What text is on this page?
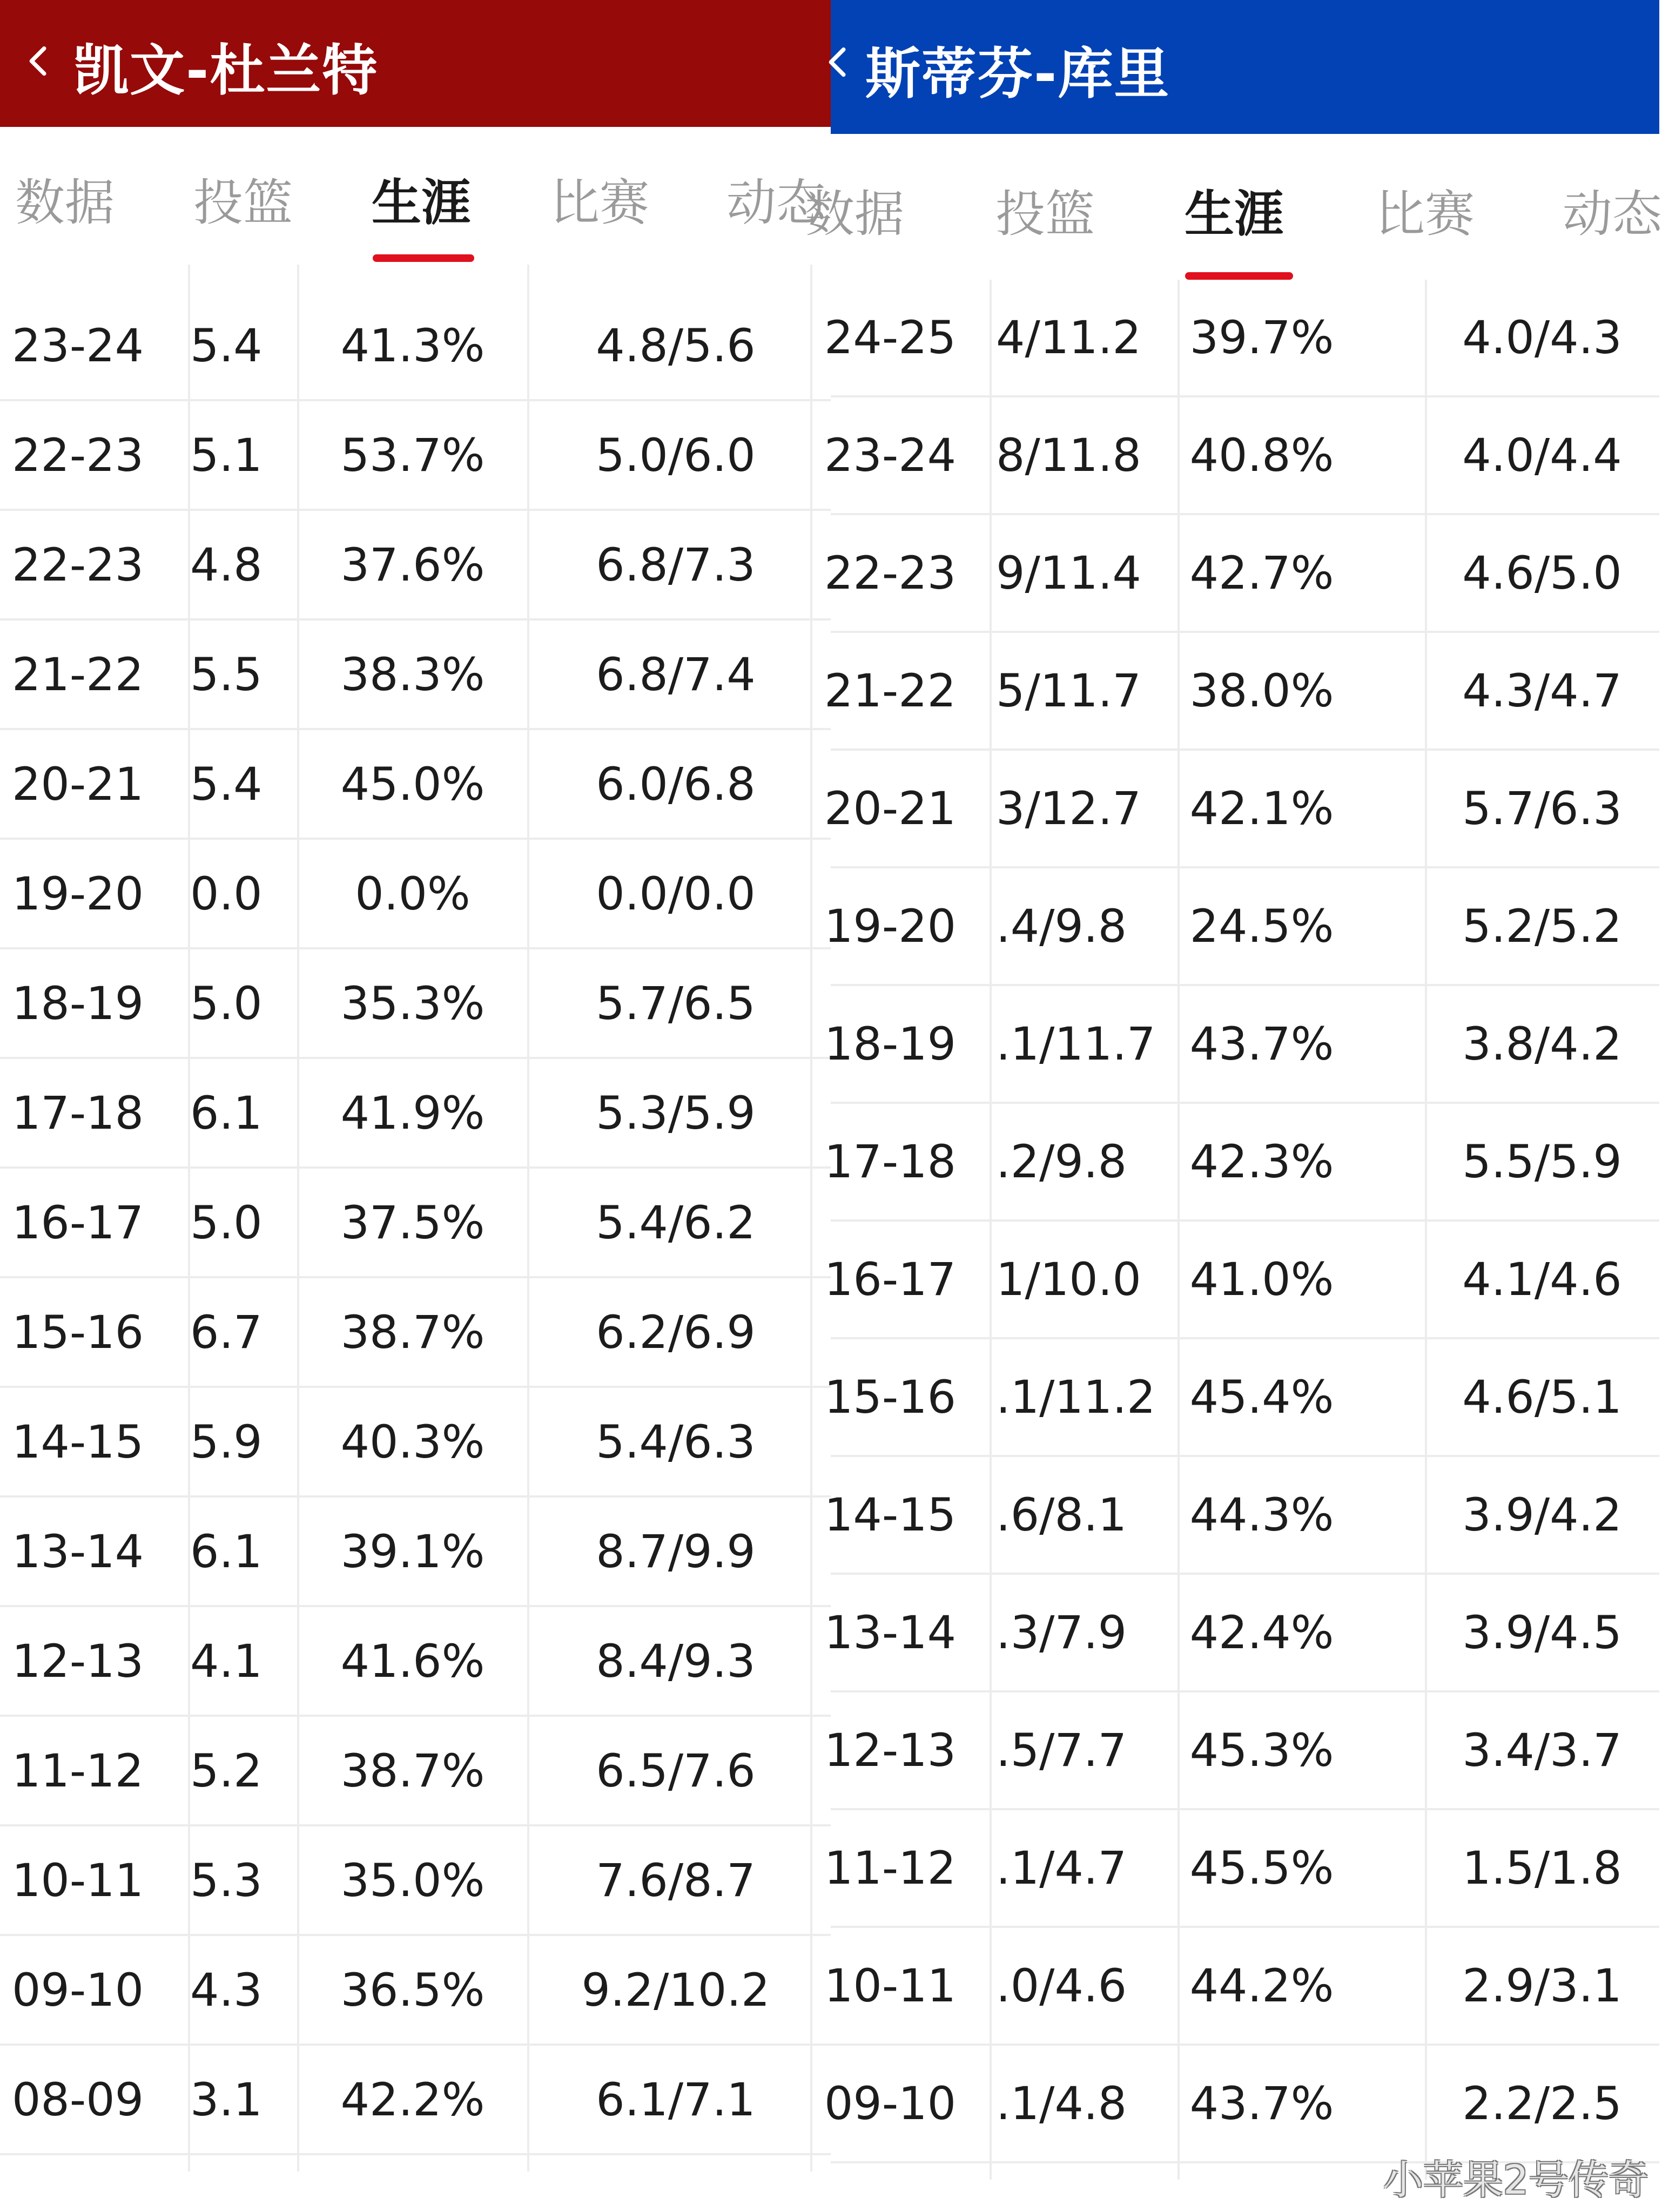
凯文-杜兰特
数据 投篮 生涯 比赛 动态
23-24 5.4	41.3%	4.8/5.6
22-23 5.1	53.7%	5.0/6.0
22-23 4.8	37.6%	6.8/7.3
21-22 5.5	38.3%	6.8/7.4
20-21 5.4	45.0%	6.0/6.8
19-20 0.0	0.0%	0.0/0.0
18-19 5.0	35.3%	5.7/6.5
17-18 6.1	41.9%	5.3/5.9
16-17 5.0	37.5%	5.4/6.2
15-16 6.7	38.7%	6.2/6.9
14-15 5.9	40.3%	5.4/6.3
13-14 6.1	39.1%	8.7/9.9
12-13 4.1	41.6%	8.4/9.3
11-12 5.2	38.7%	6.5/7.6
10-11 5.3	35.0%	7.6/8.7
09-10 4.3	36.5%	9.2/10.2
08-09 3.1	42.2%	6.1/7.1
斯蒂芬-库里
数据 投篮 生涯 比赛 动态
24-25 4/11.2	39.7%	4.0/4.3
23-24 8/11.8	40.8%	4.0/4.4
22-23 9/11.4	42.7%	4.6/5.0
21-22 5/11.7	38.0%	4.3/4.7
20-21 3/12.7	42.1%	5.7/6.3
19-20 .4/9.8	24.5%	5.2/5.2
18-19 .1/11.7 43.7%	3.8/4.2
17-18 .2/9.8	42.3%	5.5/5.9
16-17 1/10.0	41.0%	4.1/4.6
15-16 .1/11.2 45.4%	4.6/5.1
14-15 .6/8.1	44.3%	3.9/4.2
13-14 .3/7.9	42.4%	3.9/4.5
12-13 .5/7.7	45.3%	3.4/3.7
11-12 .1/4.7	45.5%	1.5/1.8
10-11 .0/4.6	44.2%	2.9/3.1
09-10 .1/4.8	43.7%	2.2/2.5
小苹果2号传奇
